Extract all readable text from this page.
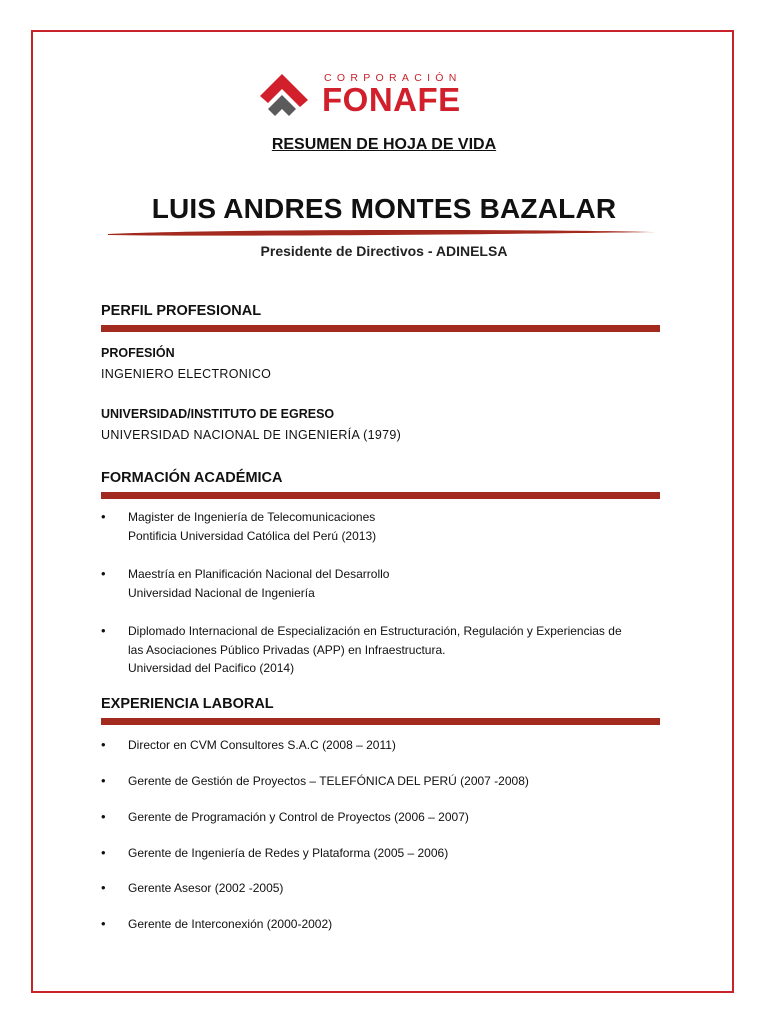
CORPORACIÓN
FONAFE
RESUMEN DE HOJA DE VIDA
LUIS ANDRES MONTES BAZALAR
Presidente de Directivos - ADINELSA
PERFIL PROFESIONAL
PROFESIÓN
INGENIERO ELECTRONICO
UNIVERSIDAD/INSTITUTO DE EGRESO
UNIVERSIDAD NACIONAL DE INGENIERÍA (1979)
FORMACIÓN ACADÉMICA
•	Magister de Ingeniería de Telecomunicaciones
Pontificia Universidad Católica del Perú (2013)
•	Maestría en Planificación Nacional del Desarrollo
Universidad Nacional de Ingeniería
•	Diplomado Internacional de Especialización en Estructuración, Regulación y Experiencias de
las Asociaciones Público Privadas (APP) en Infraestructura.
Universidad del Pacifico (2014)
EXPERIENCIA LABORAL
•	Director en CVM Consultores S.A.C (2008 – 2011)
•	Gerente de Gestión de Proyectos – TELEFÓNICA DEL PERÚ (2007 -2008)
•	Gerente de Programación y Control de Proyectos (2006 – 2007)
•	Gerente de Ingeniería de Redes y Plataforma (2005 – 2006)
•	Gerente Asesor (2002 -2005)
•	Gerente de Interconexión (2000-2002)
